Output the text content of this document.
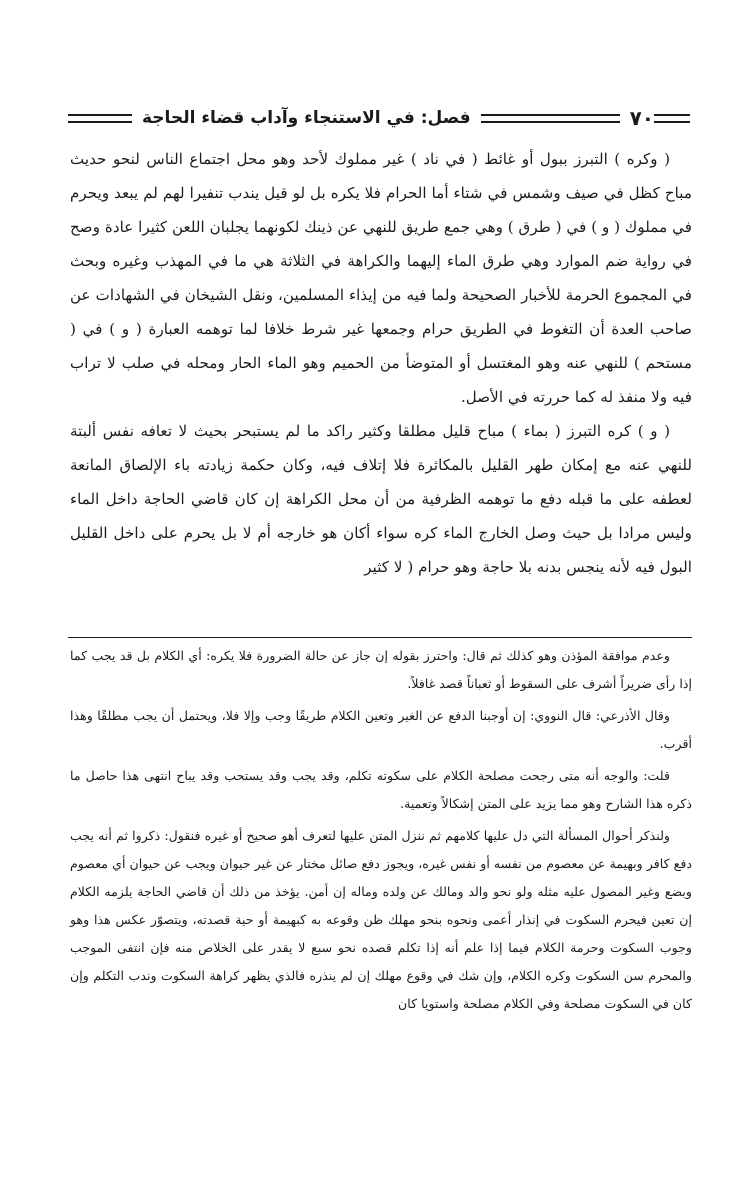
٧٠
فصل: في الاستنجاء وآداب قضاء الحاجة

( وكره ) التبرز ببول أو غائط ( في ناد ) غير مملوك لأحد وهو محل اجتماع الناس لنحو حديث مباح كظل في صيف وشمس في شتاء أما الحرام فلا يكره بل لو قيل يندب تنفيرا لهم لم يبعد ويحرم في مملوك ( و ) في ( طرق ) وهي جمع طريق للنهي عن ذينك لكونهما يجلبان اللعن كثيرا عادة وصح في رواية ضم الموارد وهي طرق الماء إليهما والكراهة في الثلاثة هي ما في المهذب وغيره وبحث في المجموع الحرمة للأخبار الصحيحة ولما فيه من إيذاء المسلمين، ونقل الشيخان في الشهادات عن صاحب العدة أن التغوط في الطريق حرام وجمعها غير شرط خلافا لما توهمه العبارة ( و ) في ( مستحم ) للنهي عنه وهو المغتسل أو المتوضأ من الحميم وهو الماء الحار ومحله في صلب لا تراب فيه ولا منفذ له كما حررته في الأصل.

( و ) كره التبرز ( بماء ) مباح قليل مطلقا وكثير راكد ما لم يستبحر بحيث لا تعافه نفس ألبتة للنهي عنه مع إمكان طهر القليل بالمكاثرة فلا إتلاف فيه، وكان حكمة زيادته باء الإلصاق المانعة لعطفه على ما قبله دفع ما توهمه الظرفية من أن محل الكراهة إن كان قاضي الحاجة داخل الماء وليس مرادا بل حيث وصل الخارج الماء كره سواء أكان هو خارجه أم لا بل يحرم على داخل القليل البول فيه لأنه ينجس بدنه بلا حاجة وهو حرام ( لا كثير

وعدم موافقة المؤذن وهو كذلك ثم قال: واحترز بقوله إن جاز عن حالة الضرورة فلا يكره: أي الكلام بل قد يجب كما إذا رأى ضريراً أشرف على السقوط أو ثعباناً قصد غافلاً.

وقال الأذرعي: قال النووي: إن أوجبنا الدفع عن الغير وتعين الكلام طريقًا وجب وإلا فلا، ويحتمل أن يجب مطلقًا وهذا أقرب.

قلت: والوجه أنه متى رجحت مصلحة الكلام على سكوته تكلم، وقد يجب وقد يستحب وقد يباح انتهى هذا حاصل ما ذكره هذا الشارح وهو مما يزيد على المتن إشكالاً وتعمية.

ولنذكر أحوال المسألة التي دل عليها كلامهم ثم ننزل المتن عليها لتعرف أهو صحيح أو غيره فنقول: ذكروا ثم أنه يجب دفع كافر وبهيمة عن معصوم من نفسه أو نفس غيره، ويجوز دفع صائل مختار عن غير حيوان ويجب عن حيوان أي معصوم وبضع وغير المصول عليه مثله ولو نحو والد ومالك عن ولده وماله إن أمن. يؤخذ من ذلك أن قاضي الحاجة يلزمه الكلام إن تعين فيحرم السكوت في إنذار أعمى ونحوه بنحو مهلك ظن وقوعه به كبهيمة أو حية قصدته، ويتصوّر عكس هذا وهو وجوب السكوت وحرمة الكلام فيما إذا علم أنه إذا تكلم قصده نحو سبع لا يقدر على الخلاص منه فإن انتفى الموجب والمحرم سن السكوت وكره الكلام، وإن شك في وقوع مهلك إن لم ينذره فالذي يظهر كراهة السكوت وندب التكلم وإن كان في السكوت مصلحة وفي الكلام مصلحة واستويا كان
